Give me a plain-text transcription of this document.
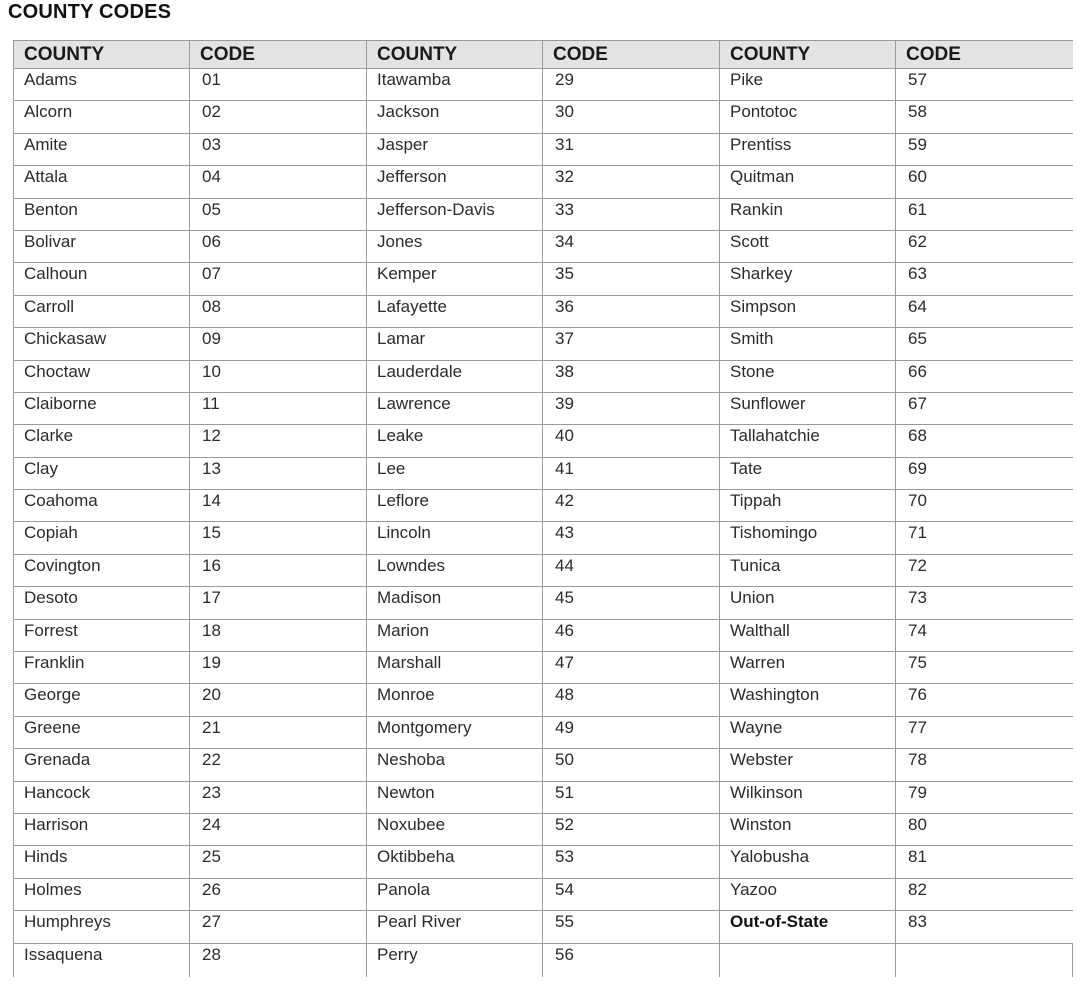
COUNTY CODES
COUNTY	CODE	COUNTY	CODE	COUNTY	CODE
Adams	01	Itawamba	29	Pike	57
Alcorn	02	Jackson	30	Pontotoc	58
Amite	03	Jasper	31	Prentiss	59
Attala	04	Jefferson	32	Quitman	60
Benton	05	Jefferson-Davis	33	Rankin	61
Bolivar	06	Jones	34	Scott	62
Calhoun	07	Kemper	35	Sharkey	63
Carroll	08	Lafayette	36	Simpson	64
Chickasaw	09	Lamar	37	Smith	65
Choctaw	10	Lauderdale	38	Stone	66
Claiborne	11	Lawrence	39	Sunflower	67
Clarke	12	Leake	40	Tallahatchie	68
Clay	13	Lee	41	Tate	69
Coahoma	14	Leflore	42	Tippah	70
Copiah	15	Lincoln	43	Tishomingo	71
Covington	16	Lowndes	44	Tunica	72
Desoto	17	Madison	45	Union	73
Forrest	18	Marion	46	Walthall	74
Franklin	19	Marshall	47	Warren	75
George	20	Monroe	48	Washington	76
Greene	21	Montgomery	49	Wayne	77
Grenada	22	Neshoba	50	Webster	78
Hancock	23	Newton	51	Wilkinson	79
Harrison	24	Noxubee	52	Winston	80
Hinds	25	Oktibbeha	53	Yalobusha	81
Holmes	26	Panola	54	Yazoo	82
Humphreys	27	Pearl River	55	Out-of-State	83
Issaquena	28	Perry	56		
